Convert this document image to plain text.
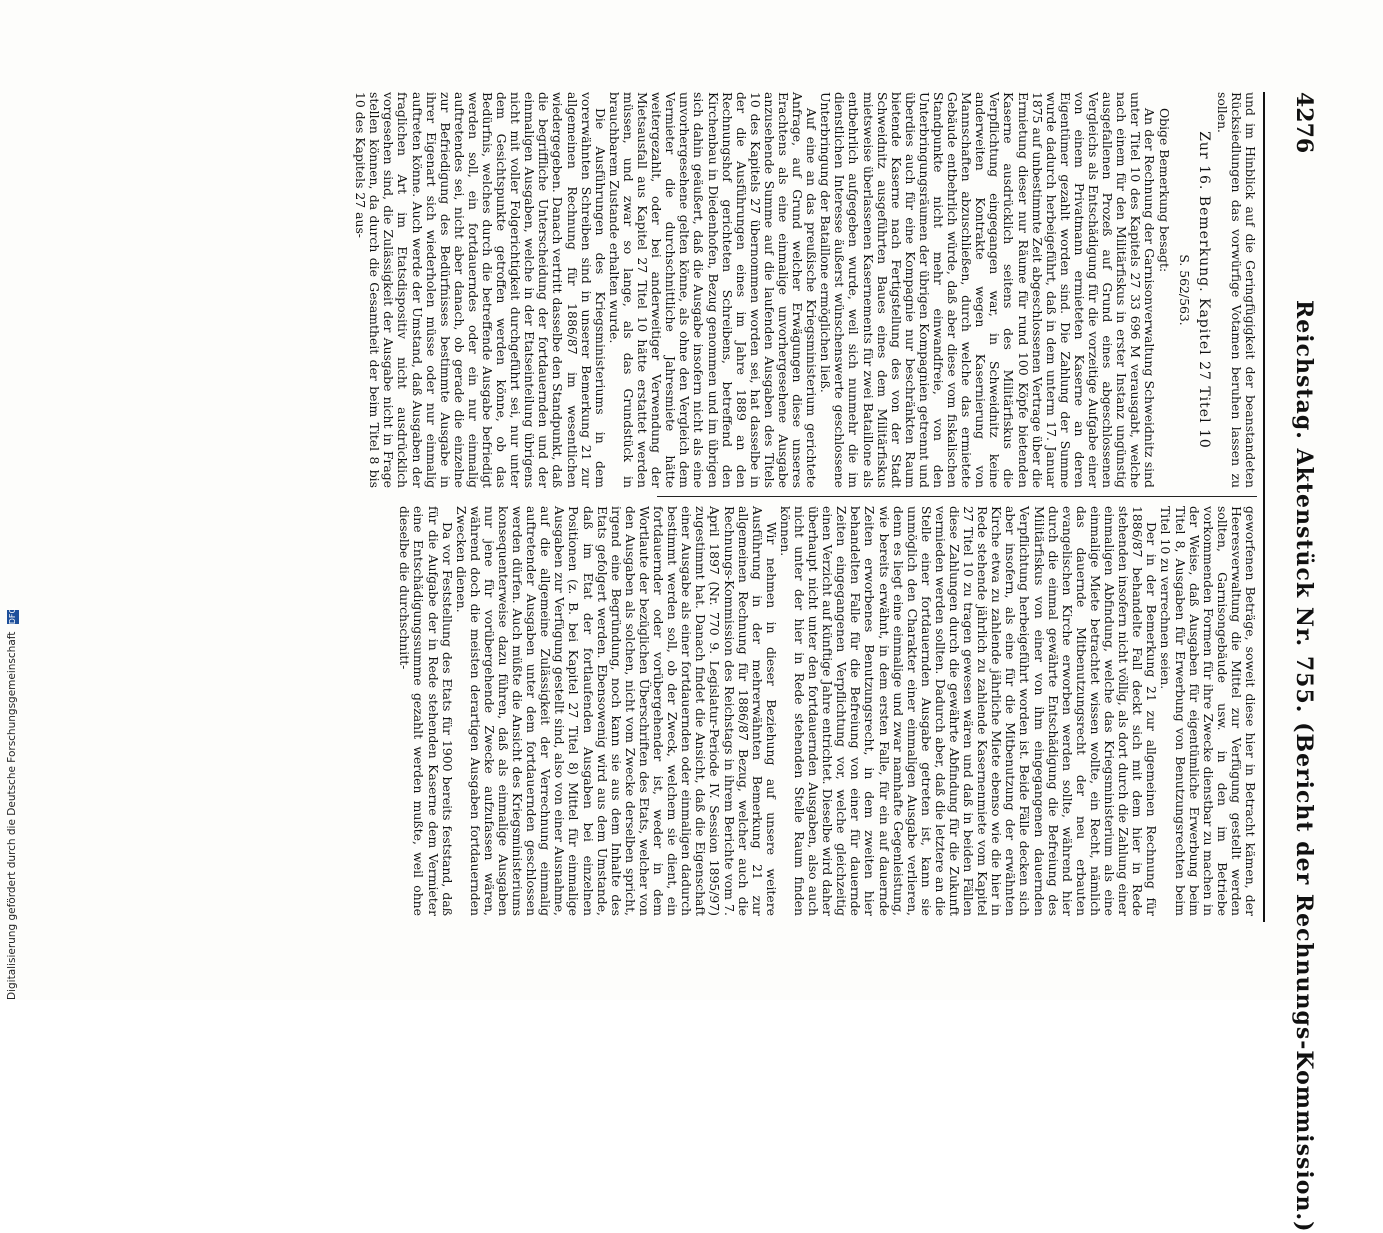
4276
Reichstag. Aktenstück Nr. 755. (Bericht der Rechnungs-Kommission.)

und im Hinblick auf die Geringfügigkeit der beanstandeten Rücksiedlungen das vorwürfige Votamen beruhen lassen zu sollen.

Zur 16. Bemerkung. Kapitel 27 Titel 10
S. 562/563.

Obige Bemerkung besagt:

An der Rechnung der Garnisonverwaltung Schweidnitz sind unter Titel 10 des Kapitels 27 33 696 M verausgabt, welche nach einem für den Militärfiskus in erster Instanz ungünstig ausgefallenen Prozeß auf Grund eines abgeschlossenen Vergleichs als Entschädigung für die vorzeitige Aufgabe einer von einem Privatmann ermieteten Kaserne an deren Eigentümer gezahlt worden sind. Die Zahlung der Summe wurde dadurch herbeigeführt, daß in dem unterm 17. Januar 1875 auf unbestimmte Zeit abgeschlossenen Vertrage über die Ermietung dieser nur Räume für rund 100 Köpfe bietenden Kaserne ausdrücklich seitens des Militärfiskus die Verpflichtung eingegangen war, in Schweidnitz keine anderweiten Kontrakte wegen Kasernierung von Mannschaften abzuschließen, durch welche das ermietete Gebäude entbehrlich würde, daß aber diese vom fiskalischen Standpunkte nicht mehr einwandfreie, von den Unterbringungsräumen der übrigen Kompagnien getrennt und überdies auch für eine Kompagnie nur beschränkten Raum bietende Kaserne nach Fertigstellung des von der Stadt Schweidnitz ausgeführten Baues eines dem Militärfiskus mietsweise überlassenen Kasernements für zwei Bataillone als entbehrlich aufgegeben wurde, weil sich nunmehr die im dienstlichen Interesse äußerst wünschenswerte geschlossene Unterbringung der Bataillone ermöglichen ließ.

Auf eine an das preußische Kriegsministerium gerichtete Anfrage, auf Grund welcher Erwägungen diese unseres Erachtens als eine einmalige unvorhergesehene Ausgabe anzusehende Summe auf die laufenden Ausgaben des Titels 10 des Kapitels 27 übernommen worden sei, hat dasselbe in der die Ausführungen eines im Jahre 1889 an den Rechnungshof gerichteten Schreibens, betreffend den Kirchenbau in Diedenhofen, Bezug genommen und im übrigen sich dahin geäußert, daß die Ausgabe insofern nicht als eine unvorhergesehene gelten könne, als ohne den Vergleich dem Vermieter die durchschnittliche Jahresmiete hätte weitergezahlt, oder bei anderweitiger Verwendung der Mietsausfall aus Kapitel 27 Titel 10 hätte erstattet werden müssen, und zwar so lange, als das Grundstück in brauchbarem Zustande erhalten wurde.

Die Ausführungen des Kriegsministeriums in dem vorerwähnten Schreiben sind in unserer Bemerkung 21 zur allgemeinen Rechnung für 1886/87 im wesentlichen wiedergegeben. Danach vertritt dasselbe den Standpunkt, daß die begriffliche Unterscheidung der fortdauernden und der einmaligen Ausgaben, welche in der Etatseinteilung übrigens nicht mit voller Folgerichtigkeit durchgeführt sei, nur unter dem Gesichtspunkte getroffen werden könne, ob das Bedürfnis, welches durch die betreffende Ausgabe befriedigt werden soll, ein fortdauerndes oder ein nur einmalig auftretendes sei, nicht aber danach, ob gerade die einzelne zur Befriedigung des Bedürfnisses bestimmte Ausgabe in ihrer Eigenart sich wiederholen müsse oder nur einmalig auftreten könne. Auch werde der Umstand, daß Ausgaben der fraglichen Art im Etatsdispositiv nicht ausdrücklich vorgesehen sind, die Zulässigkeit der Ausgabe nicht in Frage stellen können, da durch die Gesamtheit der beim Titel 8 bis 10 des Kapitels 27 aus-

geworfenen Beträge, soweit diese hier in Betracht kämen, der Heeresverwaltung die Mittel zur Verfügung gestellt werden sollten, Garnisongebäude usw. in den im Betriebe vorkommenden Formen für ihre Zwecke dienstbar zu machen in der Weise, daß Ausgaben für eigentümliche Erwerbung beim Titel 8, Ausgaben für Erwerbung von Benutzungsrechten beim Titel 10 zu verrechnen seien.

Der in der Bemerkung 21 zur allgemeinen Rechnung für 1886/87 behandelte Fall deckt sich mit dem hier in Rede stehenden insofern nicht völlig, als dort durch die Zahlung einer einmaligen Abfindung, welche das Kriegsministerium als eine einmalige Miete betrachtet wissen wollte, ein Recht, nämlich das dauernde Mitbenutzungsrecht der neu erbauten evangelischen Kirche erworben werden sollte, während hier durch die einmal gewährte Entschädigung die Befreiung des Militärfiskus von einer von ihm eingegangenen dauernden Verpflichtung herbeigeführt worden ist. Beide Fälle decken sich aber insofern, als eine für die Mitbenutzung der erwähnten Kirche etwa zu zahlende jährliche Miete ebenso wie die hier in Rede stehende jährlich zu zahlende Kasernenmiete vom Kapitel 27 Titel 10 zu tragen gewesen wären und daß in beiden Fällen diese Zahlungen durch die gewährte Abfindung für die Zukunft vermieden werden sollten. Dadurch aber, daß die letztere an die Stelle einer fortdauernden Ausgabe getreten ist, kann sie unmöglich den Charakter einer einmaligen Ausgabe verlieren, denn es liegt eine einmalige und zwar namhafte Gegenleistung, wie bereits erwähnt, in dem ersten Falle, für ein auf dauernde Zeiten erworbenes Benutzungsrecht, in dem zweiten hier behandelten Falle für die Befreiung von einer für dauernde Zeiten eingegangenen Verpflichtung vor, welche gleichzeitig einen Verzicht auf künftige Jahre entrichtet. Dieselbe wird daher überhaupt nicht unter den fortdauernden Ausgaben, also auch nicht unter der hier in Rede stehenden Stelle Raum finden können.

Wir nehmen in dieser Beziehung auf unsere weitere Ausführung in der mehrerwähnten Bemerkung 21 zur allgemeinen Rechnung für 1886/87 Bezug, welcher auch die Rechnungs-Kommission des Reichstags in ihrem Berichte vom 7. April 1897 (Nr. 770 9. Legislatur-Periode IV. Session 1895/97) zugestimmt hat. Danach findet die Ansicht, daß die Eigenschaft einer Ausgabe als einer fortdauernden oder einmaligen dadurch bestimmt werden soll, ob der Zweck, welchem sie dient, ein fortdauernder oder vorübergehender ist, weder in dem Wortlaute der bezüglichen Überschriften des Etats, welcher von den Ausgaben als solchen, nicht vom Zwecke derselben spricht, irgend eine Begründung, noch kann sie aus dem Inhalte des Etats gefolgert werden. Ebensowenig wird aus dem Umstande, daß im Etat der fortlaufenden Ausgaben bei einzelnen Positionen (z. B. bei Kapitel 27 Titel 8) Mittel für einmalige Ausgaben zur Verfügung gestellt sind, also von einer Ausnahme, auf die allgemeine Zulässigkeit der Verrechnung einmalig auftretender Ausgaben unter dem fortdauernden geschlossen werden dürfen. Auch müßte die Ansicht des Kriegsministeriums konsequenterweise dazu führen, daß als einmalige Ausgaben nur jene für vorübergehende Zwecke aufzufassen wären, während doch die meisten derartigen Ausgaben fortdauernden Zwecken dienen.

Da vor Feststellung des Etats für 1900 bereits feststand, daß für die Aufgabe der in Rede stehenden Kaserne dem Vermieter eine Entschädigungssumme gezahlt werden mußte, weil ohne dieselbe die durchschnitt-

Digitalisierung gefördert durch die Deutsche Forschungsgemeinschaft DFG
